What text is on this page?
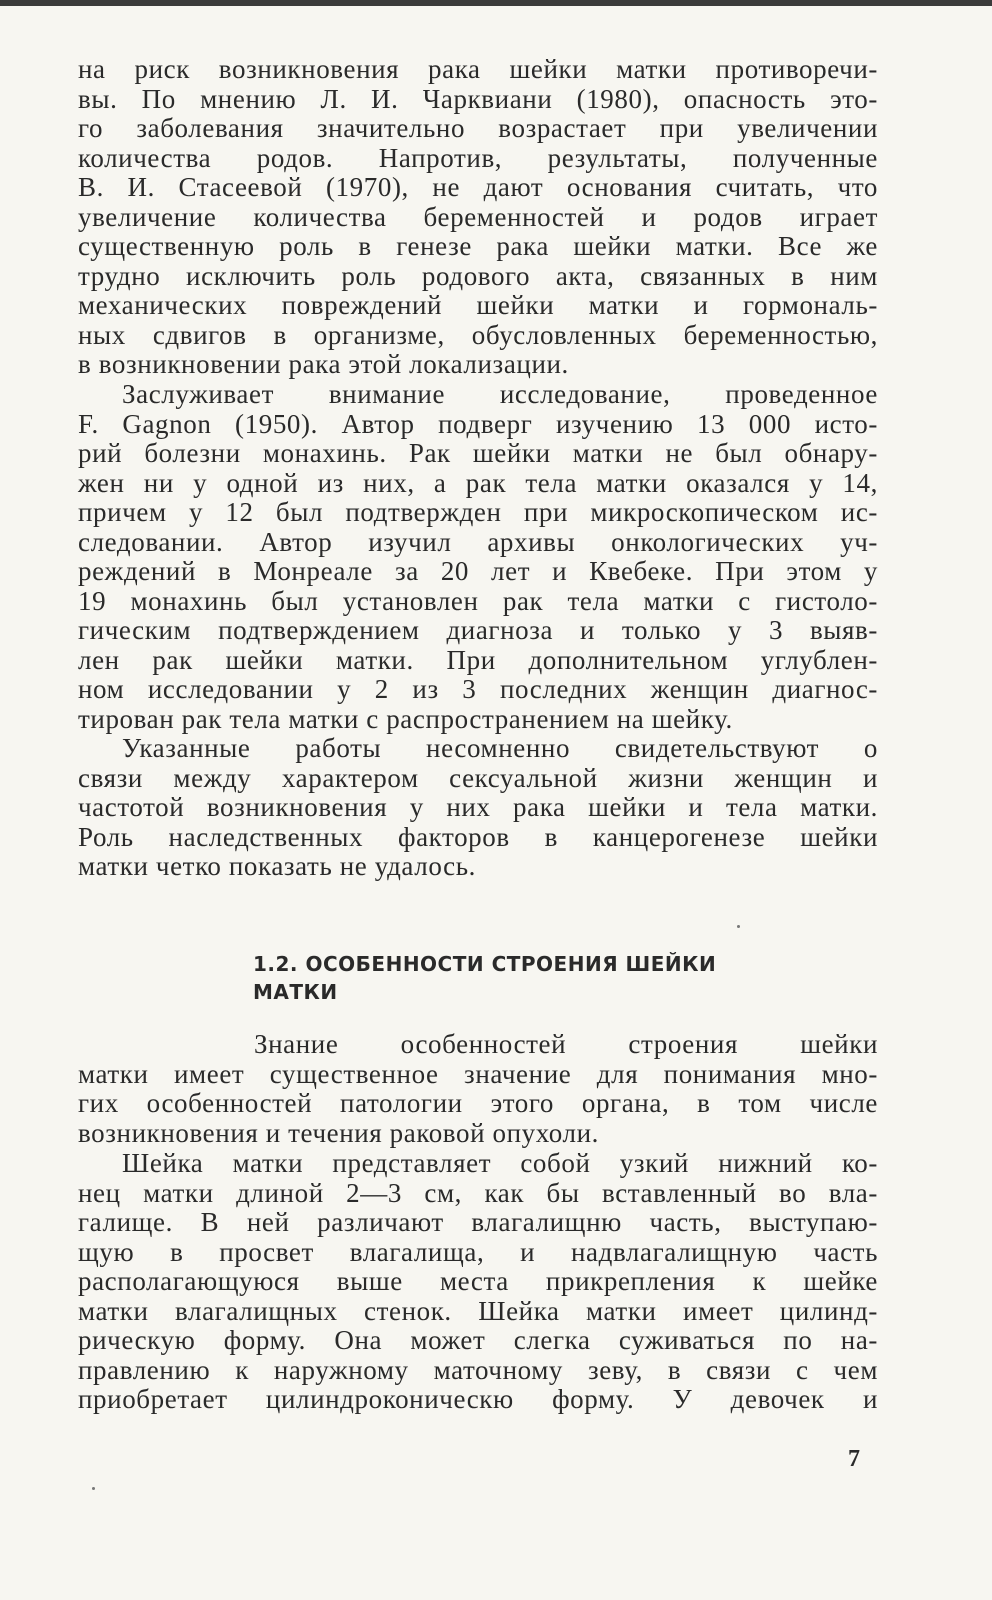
на риск возникновения рака шейки матки противоречи-
вы. По мнению Л. И. Чарквиани (1980), опасность это-
го заболевания значительно возрастает при увеличении
количества родов. Напротив, результаты, полученные
В. И. Стасеевой (1970), не дают основания считать, что
увеличение количества беременностей и родов играет
существенную роль в генезе рака шейки матки. Все же
трудно исключить роль родового акта, связанных в ним
механических повреждений шейки матки и гормональ-
ных сдвигов в организме, обусловленных беременностью,
в возникновении рака этой локализации.
Заслуживает внимание исследование, проведенное
F. Gagnon (1950). Автор подверг изучению 13 000 исто-
рий болезни монахинь. Рак шейки матки не был обнару-
жен ни у одной из них, а рак тела матки оказался у 14,
причем у 12 был подтвержден при микроскопическом ис-
следовании. Автор изучил архивы онкологических уч-
реждений в Монреале за 20 лет и Квебеке. При этом у
19 монахинь был установлен рак тела матки с гистоло-
гическим подтверждением диагноза и только у 3 выяв-
лен рак шейки матки. При дополнительном углублен-
ном исследовании у 2 из 3 последних женщин диагнос-
тирован рак тела матки с распространением на шейку.
Указанные работы несомненно свидетельствуют о
связи между характером сексуальной жизни женщин и
частотой возникновения у них рака шейки и тела матки.
Роль наследственных факторов в канцерогенезе шейки
матки четко показать не удалось.
1.2. ОСОБЕННОСТИ СТРОЕНИЯ ШЕЙКИ
МАТКИ
Знание особенностей строения шейки
матки имеет существенное значение для понимания мно-
гих особенностей патологии этого органа, в том числе
возникновения и течения раковой опухоли.
Шейка матки представляет собой узкий нижний ко-
нец матки длиной 2—3 см, как бы вставленный во вла-
галище. В ней различают влагалищню часть, выступаю-
щую в просвет влагалища, и надвлагалищную часть
располагающуюся выше места прикрепления к шейке
матки влагалищных стенок. Шейка матки имеет цилинд-
рическую форму. Она может слегка суживаться по на-
правлению к наружному маточному зеву, в связи с чем
приобретает цилиндроконическю форму. У девочек и
7
